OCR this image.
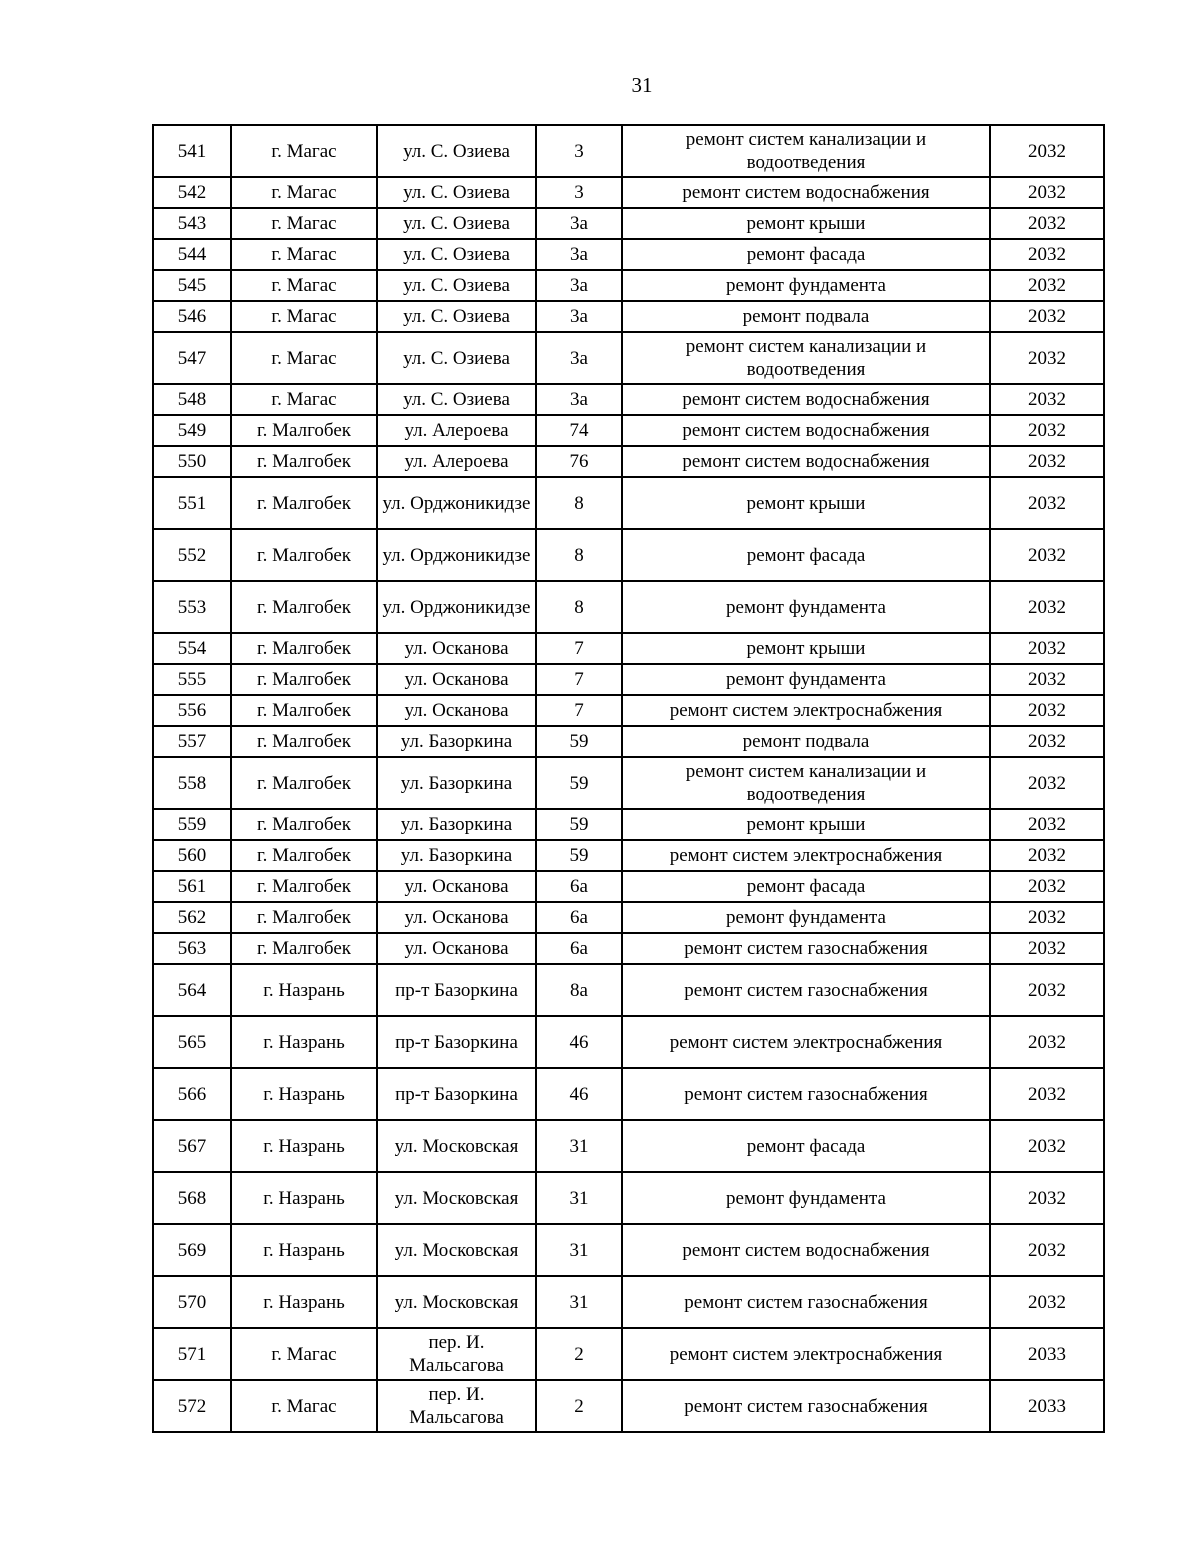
31
541	г. Магас	ул. С. Озиева	3	ремонт систем канализации и водоотведения	2032
542	г. Магас	ул. С. Озиева	3	ремонт систем водоснабжения	2032
543	г. Магас	ул. С. Озиева	3а	ремонт крыши	2032
544	г. Магас	ул. С. Озиева	3а	ремонт фасада	2032
545	г. Магас	ул. С. Озиева	3а	ремонт фундамента	2032
546	г. Магас	ул. С. Озиева	3а	ремонт подвала	2032
547	г. Магас	ул. С. Озиева	3а	ремонт систем канализации и водоотведения	2032
548	г. Магас	ул. С. Озиева	3а	ремонт систем водоснабжения	2032
549	г. Малгобек	ул. Алероева	74	ремонт систем водоснабжения	2032
550	г. Малгобек	ул. Алероева	76	ремонт систем водоснабжения	2032
551	г. Малгобек	ул. Орджоникидзе	8	ремонт крыши	2032
552	г. Малгобек	ул. Орджоникидзе	8	ремонт фасада	2032
553	г. Малгобек	ул. Орджоникидзе	8	ремонт фундамента	2032
554	г. Малгобек	ул. Осканова	7	ремонт крыши	2032
555	г. Малгобек	ул. Осканова	7	ремонт фундамента	2032
556	г. Малгобек	ул. Осканова	7	ремонт систем электроснабжения	2032
557	г. Малгобек	ул. Базоркина	59	ремонт подвала	2032
558	г. Малгобек	ул. Базоркина	59	ремонт систем канализации и водоотведения	2032
559	г. Малгобек	ул. Базоркина	59	ремонт крыши	2032
560	г. Малгобек	ул. Базоркина	59	ремонт систем электроснабжения	2032
561	г. Малгобек	ул. Осканова	6а	ремонт фасада	2032
562	г. Малгобек	ул. Осканова	6а	ремонт фундамента	2032
563	г. Малгобек	ул. Осканова	6а	ремонт систем газоснабжения	2032
564	г. Назрань	пр-т Базоркина	8а	ремонт систем газоснабжения	2032
565	г. Назрань	пр-т Базоркина	46	ремонт систем электроснабжения	2032
566	г. Назрань	пр-т Базоркина	46	ремонт систем газоснабжения	2032
567	г. Назрань	ул. Московская	31	ремонт фасада	2032
568	г. Назрань	ул. Московская	31	ремонт фундамента	2032
569	г. Назрань	ул. Московская	31	ремонт систем водоснабжения	2032
570	г. Назрань	ул. Московская	31	ремонт систем газоснабжения	2032
571	г. Магас	пер. И. Мальсагова	2	ремонт систем электроснабжения	2033
572	г. Магас	пер. И. Мальсагова	2	ремонт систем газоснабжения	2033
